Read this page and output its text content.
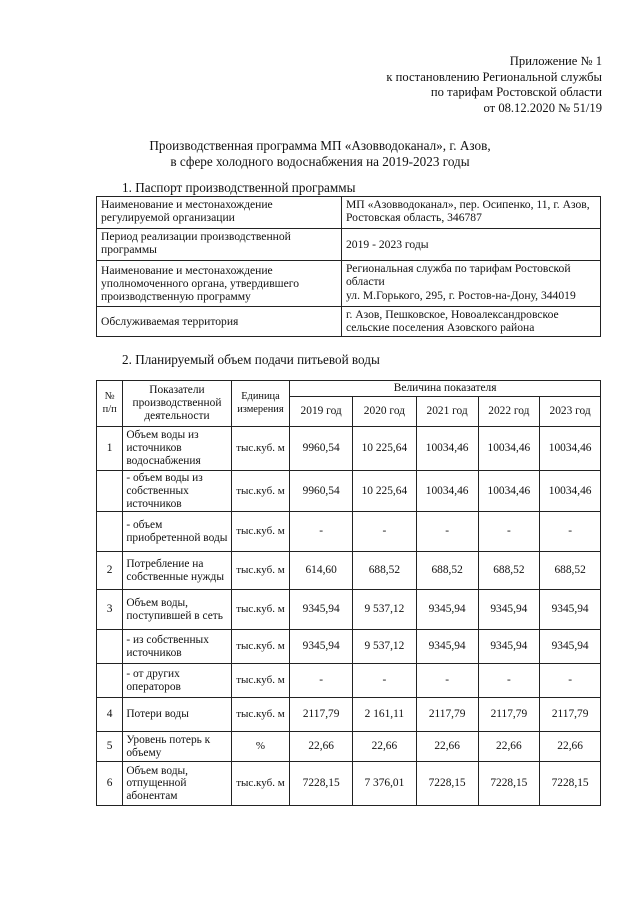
Приложение № 1
к постановлению Региональной службы
по тарифам Ростовской области
от 08.12.2020 № 51/19
Производственная программа МП «Азовводоканал», г. Азов,
в сфере холодного водоснабжения на 2019-2023 годы
1. Паспорт производственной программы
Наименование и местонахождение регулируемой организации	МП «Азовводоканал», пер. Осипенко, 11, г. Азов, Ростовская область, 346787
Период реализации производственной программы	2019 - 2023 годы
Наименование и местонахождение уполномоченного органа, утвердившего производственную программу	Региональная служба по тарифам Ростовской области
ул. М.Горького, 295, г. Ростов-на-Дону, 344019

Обслуживаемая территория	г. Азов, Пешковское, Новоалександровское сельские поселения Азовского района
2. Планируемый объем подачи питьевой воды
№ п/п	Показатели производственной деятельности	Единица измерения	Величина показателя				
			2019 год	2020 год	2021 год	2022 год	2023 год
1	Объем воды из источников водоснабжения	тыс.куб. м	9960,54	10 225,64	10034,46	10034,46	10034,46
	- объем воды из собственных источников	тыс.куб. м	9960,54	10 225,64	10034,46	10034,46	10034,46
	- объем приобретенной воды	тыс.куб. м	-	-	-	-	-
2	Потребление на собственные нужды	тыс.куб. м	614,60	688,52	688,52	688,52	688,52
3	Объем воды, поступившей в сеть	тыс.куб. м	9345,94	9 537,12	9345,94	9345,94	9345,94
	- из собственных источников	тыс.куб. м	9345,94	9 537,12	9345,94	9345,94	9345,94
	- от других операторов	тыс.куб. м	-	-	-	-	-
4	Потери воды	тыс.куб. м	2117,79	2 161,11	2117,79	2117,79	2117,79
5	Уровень потерь к объему	%	22,66	22,66	22,66	22,66	22,66
6	Объем воды, отпущенной абонентам	тыс.куб. м	7228,15	7 376,01	7228,15	7228,15	7228,15
